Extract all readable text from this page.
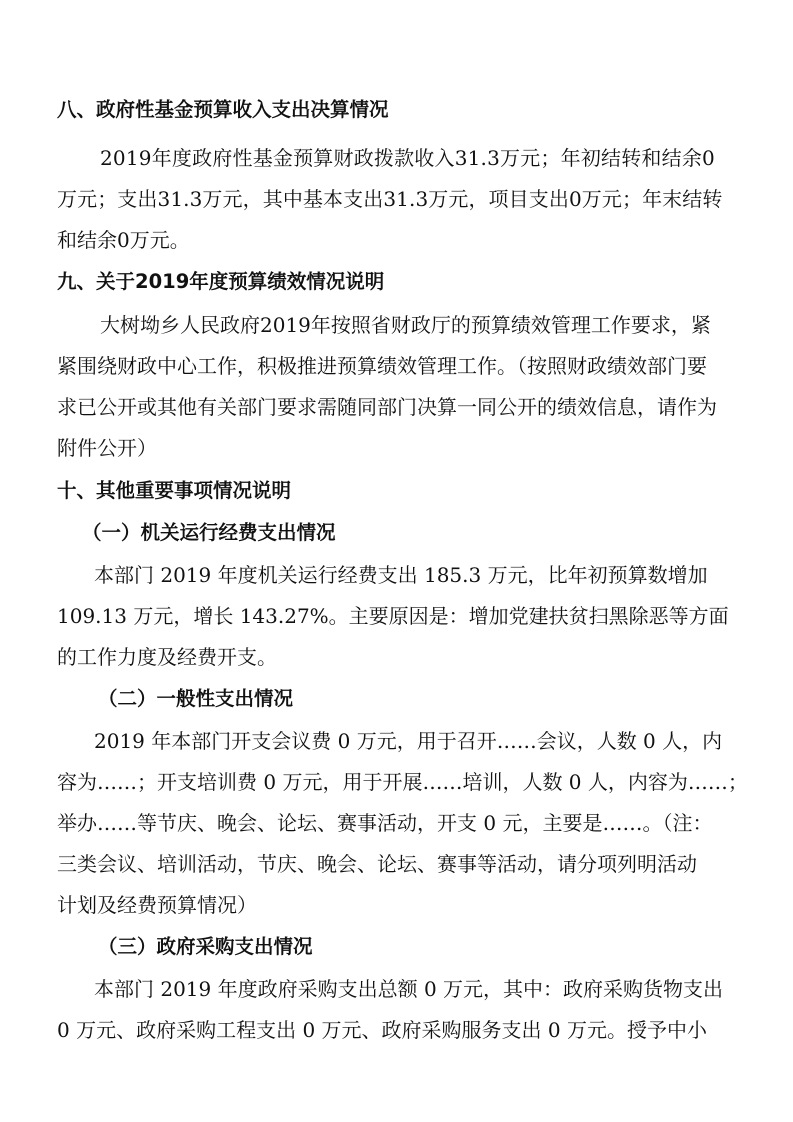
八、政府性基金预算收入支出决算情况
2019年度政府性基金预算财政拨款收入31.3万元；年初结转和结余0
万元；支出31.3万元，其中基本支出31.3万元，项目支出0万元；年末结转
和结余0万元。
九、关于2019年度预算绩效情况说明
大树坳乡人民政府2019年按照省财政厅的预算绩效管理工作要求，紧
紧围绕财政中心工作，积极推进预算绩效管理工作。（按照财政绩效部门要
求已公开或其他有关部门要求需随同部门决算一同公开的绩效信息，请作为
附件公开）
十、其他重要事项情况说明
（一）机关运行经费支出情况
本部门 2019 年度机关运行经费支出 185.3 万元，比年初预算数增加
109.13 万元，增长 143.27%。主要原因是：增加党建扶贫扫黑除恶等方面
的工作力度及经费开支。
（二）一般性支出情况
2019 年本部门开支会议费 0 万元，用于召开……会议，人数 0 人，内
容为……；开支培训费 0 万元，用于开展……培训，人数 0 人，内容为……；
举办……等节庆、晚会、论坛、赛事活动，开支 0 元，主要是……。（注：
三类会议、培训活动，节庆、晚会、论坛、赛事等活动，请分项列明活动
计划及经费预算情况）
（三）政府采购支出情况
本部门 2019 年度政府采购支出总额 0 万元，其中：政府采购货物支出
0 万元、政府采购工程支出 0 万元、政府采购服务支出 0 万元。授予中小
